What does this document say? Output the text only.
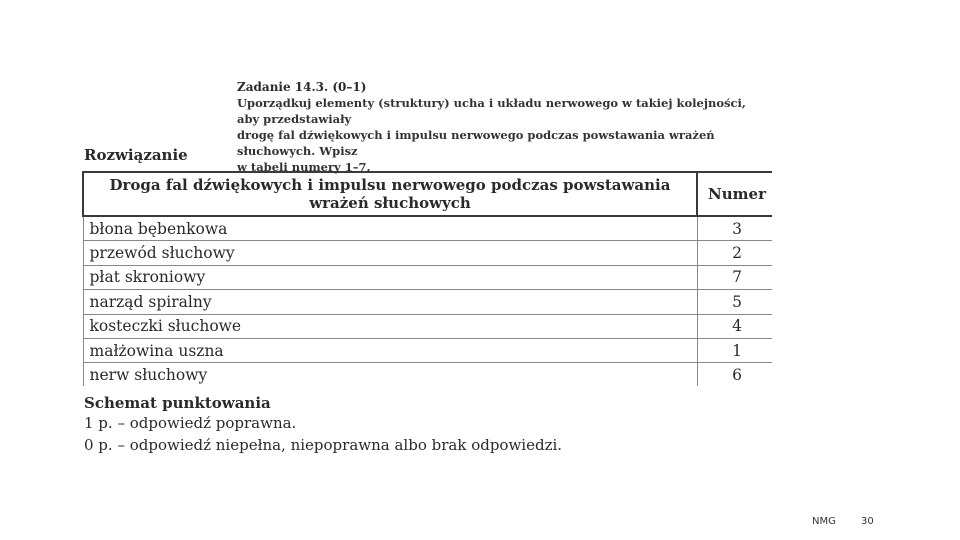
Zadanie 14.3. (0–1)

Uporządkuj elementy (struktury) ucha i układu nerwowego w takiej kolejności, aby przedstawiały

drogę fal dźwiękowych i impulsu nerwowego podczas powstawania wrażeń słuchowych. Wpisz

w tabeli numery 1–7.

Rozwiązanie
Droga fal dźwiękowych i impulsu nerwowego podczas powstawania wrażeń słuchowych	Numer
błona bębenkowa	3
przewód słuchowy	2
płat skroniowy	7
narząd spiralny	5
kosteczki słuchowe	4
małżowina uszna	1
nerw słuchowy	6
Schemat punktowania
1 p. – odpowiedź poprawna.
0 p. – odpowiedź niepełna, niepoprawna albo brak odpowiedzi.
NMG	30
